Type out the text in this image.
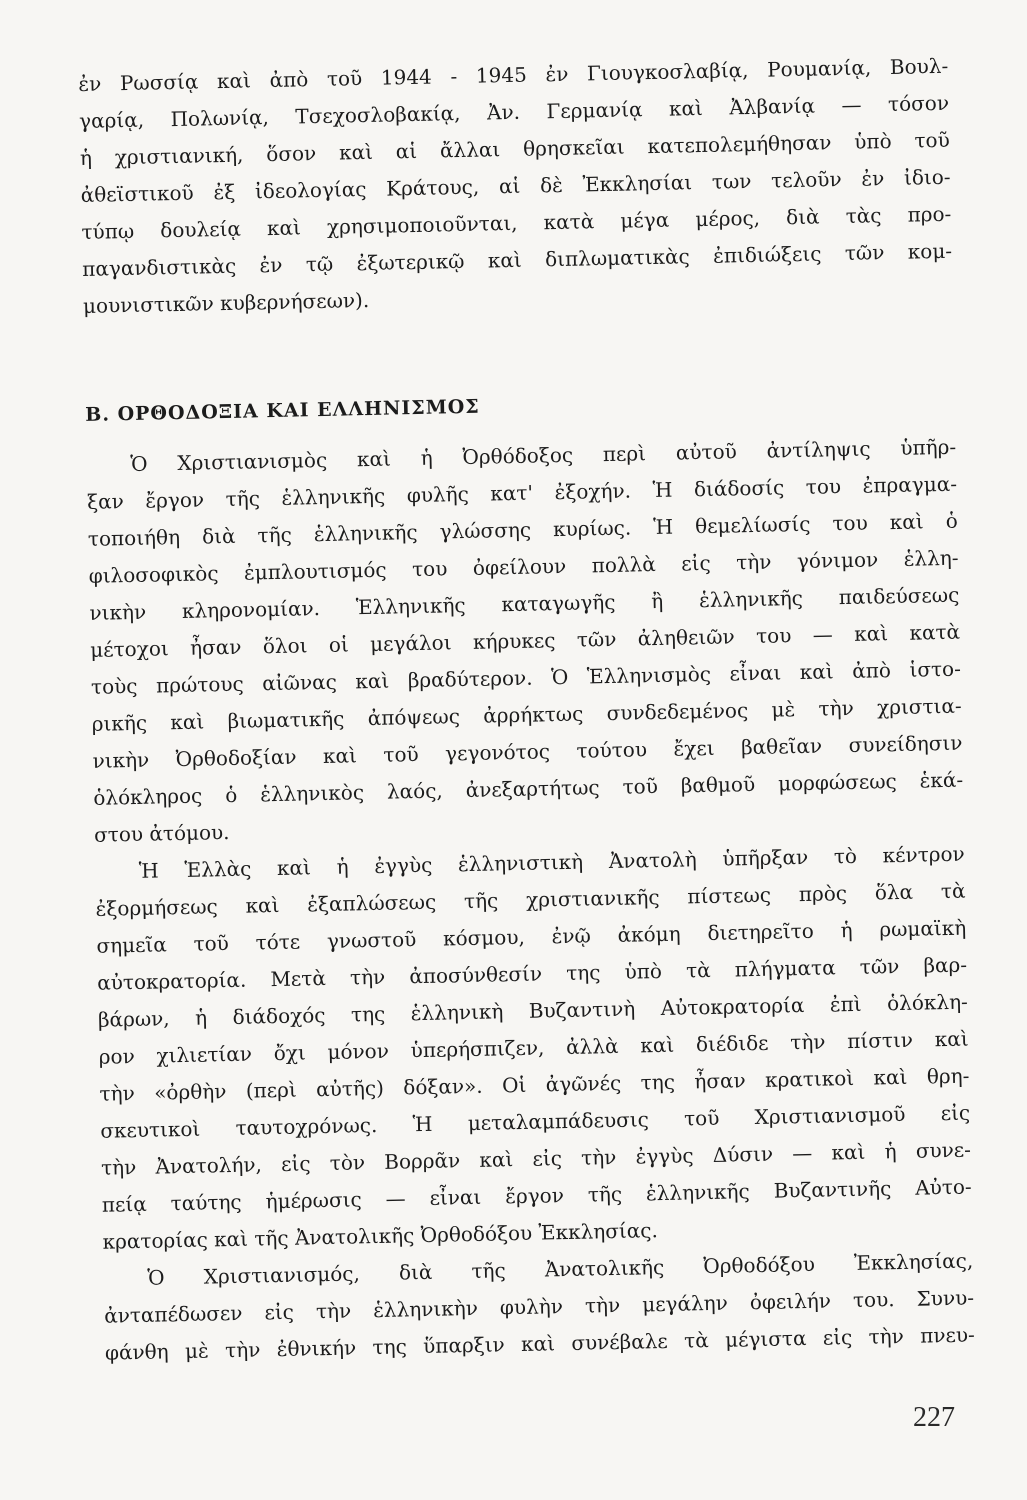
ἐν Ρωσσίᾳ καὶ ἀπὸ τοῦ 1944 - 1945 ἐν Γιουγκοσλαβίᾳ, Ρουμανίᾳ, Βουλ-
γαρίᾳ, Πολωνίᾳ, Τσεχοσλοβακίᾳ, Ἀν. Γερμανίᾳ καὶ Ἀλβανίᾳ — τόσον
ἡ χριστιανική, ὅσον καὶ αἱ ἄλλαι θρησκεῖαι κατεπολεμήθησαν ὑπὸ τοῦ
ἀθεϊστικοῦ ἐξ ἰδεολογίας Κράτους, αἱ δὲ Ἐκκλησίαι των τελοῦν ἐν ἰδιο-
τύπῳ δουλείᾳ καὶ χρησιμοποιοῦνται, κατὰ μέγα μέρος, διὰ τὰς προ-
παγανδιστικὰς ἐν τῷ ἐξωτερικῷ καὶ διπλωματικὰς ἐπιδιώξεις τῶν κομ-
μουνιστικῶν κυβερνήσεων).
Β. ΟΡΘΟΔΟΞΙΑ ΚΑΙ ΕΛΛΗΝΙΣΜΟΣ
Ὁ Χριστιανισμὸς καὶ ἡ Ὀρθόδοξος περὶ αὐτοῦ ἀντίληψις ὑπῆρ-
ξαν ἔργον τῆς ἑλληνικῆς φυλῆς κατ' ἐξοχήν. Ἡ διάδοσίς του ἐπραγμα-
τοποιήθη διὰ τῆς ἑλληνικῆς γλώσσης κυρίως. Ἡ θεμελίωσίς του καὶ ὁ
φιλοσοφικὸς ἐμπλουτισμός του ὀφείλουν πολλὰ εἰς τὴν γόνιμον ἑλλη-
νικὴν κληρονομίαν. Ἑλληνικῆς καταγωγῆς ἢ ἑλληνικῆς παιδεύσεως
μέτοχοι ἦσαν ὅλοι οἱ μεγάλοι κήρυκες τῶν ἀληθειῶν του — καὶ κατὰ
τοὺς πρώτους αἰῶνας καὶ βραδύτερον. Ὁ Ἑλληνισμὸς εἶναι καὶ ἀπὸ ἱστο-
ρικῆς καὶ βιωματικῆς ἀπόψεως ἀρρήκτως συνδεδεμένος μὲ τὴν χριστια-
νικὴν Ὀρθοδοξίαν καὶ τοῦ γεγονότος τούτου ἔχει βαθεῖαν συνείδησιν
ὁλόκληρος ὁ ἑλληνικὸς λαός, ἀνεξαρτήτως τοῦ βαθμοῦ μορφώσεως ἑκά-
στου ἀτόμου.
Ἡ Ἑλλὰς καὶ ἡ ἐγγὺς ἑλληνιστικὴ Ἀνατολὴ ὑπῆρξαν τὸ κέντρον
ἐξορμήσεως καὶ ἐξαπλώσεως τῆς χριστιανικῆς πίστεως πρὸς ὅλα τὰ
σημεῖα τοῦ τότε γνωστοῦ κόσμου, ἐνῷ ἀκόμη διετηρεῖτο ἡ ρωμαϊκὴ
αὐτοκρατορία. Μετὰ τὴν ἀποσύνθεσίν της ὑπὸ τὰ πλήγματα τῶν βαρ-
βάρων, ἡ διάδοχός της ἑλληνικὴ Βυζαντινὴ Αὐτοκρατορία ἐπὶ ὁλόκλη-
ρον χιλιετίαν ὄχι μόνον ὑπερήσπιζεν, ἀλλὰ καὶ διέδιδε τὴν πίστιν καὶ
τὴν «ὀρθὴν (περὶ αὐτῆς) δόξαν». Οἱ ἀγῶνές της ἦσαν κρατικοὶ καὶ θρη-
σκευτικοὶ ταυτοχρόνως. Ἡ μεταλαμπάδευσις τοῦ Χριστιανισμοῦ εἰς
τὴν Ἀνατολήν, εἰς τὸν Βορρᾶν καὶ εἰς τὴν ἐγγὺς Δύσιν — καὶ ἡ συνε-
πείᾳ ταύτης ἡμέρωσις — εἶναι ἔργον τῆς ἑλληνικῆς Βυζαντινῆς Αὐτο-
κρατορίας καὶ τῆς Ἀνατολικῆς Ὀρθοδόξου Ἐκκλησίας.
Ὁ Χριστιανισμός, διὰ τῆς Ἀνατολικῆς Ὀρθοδόξου Ἐκκλησίας,
ἀνταπέδωσεν εἰς τὴν ἑλληνικὴν φυλὴν τὴν μεγάλην ὀφειλήν του. Συνυ-
φάνθη μὲ τὴν ἐθνικήν της ὕπαρξιν καὶ συνέβαλε τὰ μέγιστα εἰς τὴν πνευ-
227
